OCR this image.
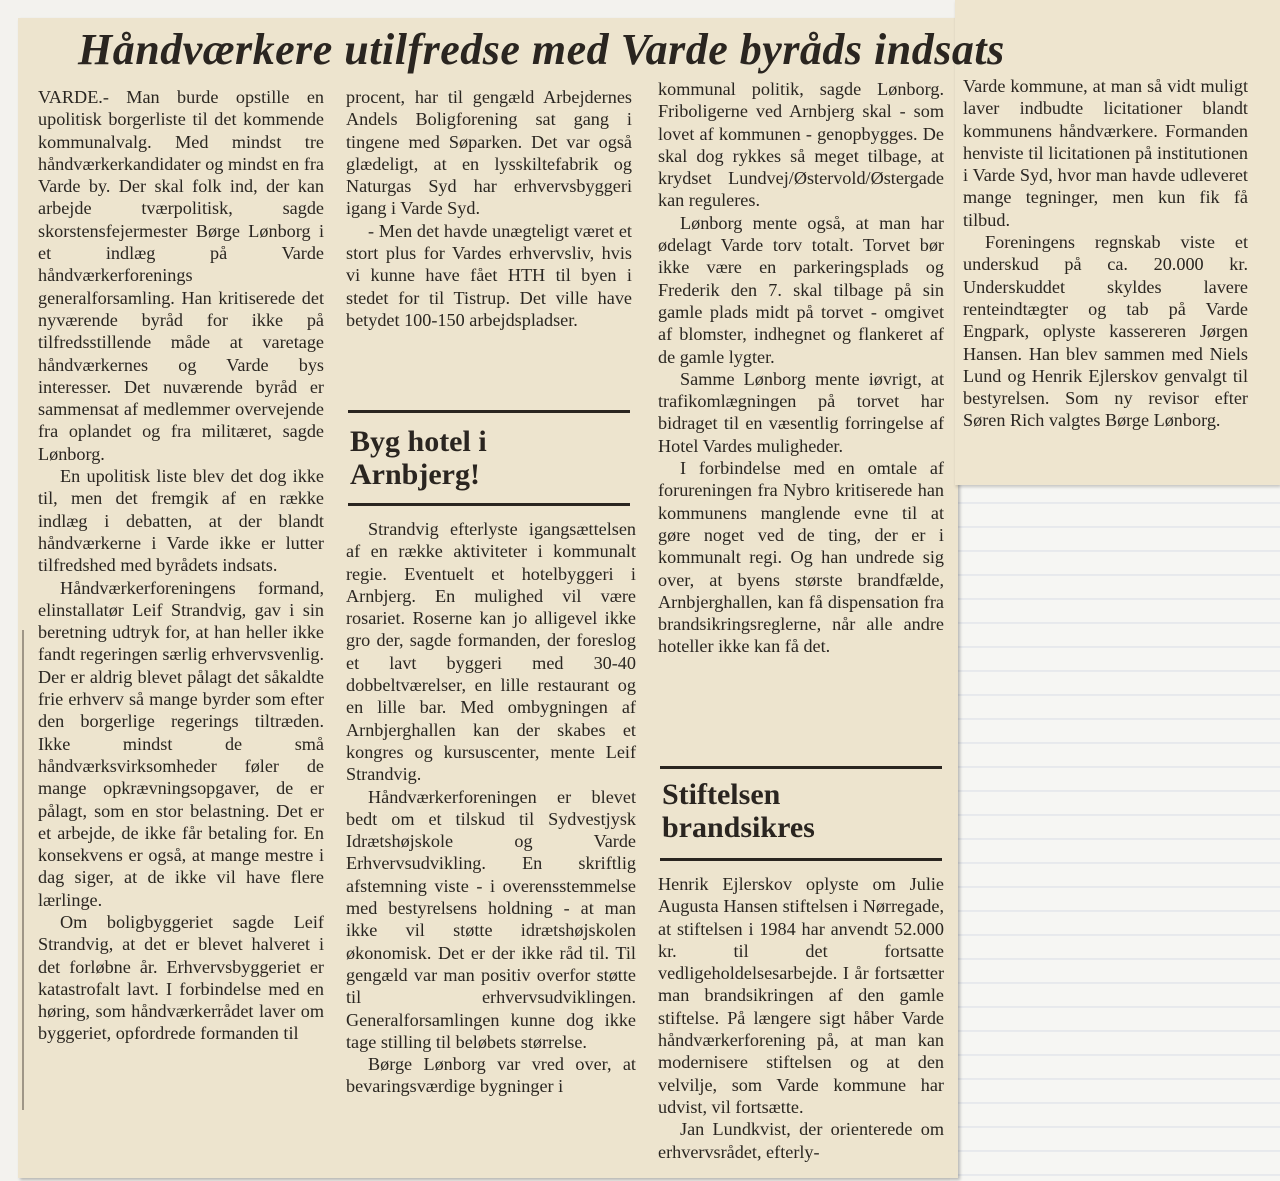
Håndværkere utilfredse med Varde byråds indsats

VARDE.- Man burde opstille en upolitisk borgerliste til det kommende kommunalvalg. Med mindst tre håndværkerkandidater og mindst en fra Varde by. Der skal folk ind, der kan arbejde tværpolitisk, sagde skorstensfejermester Børge Lønborg i et indlæg på Varde håndværkerforenings generalforsamling. Han kritiserede det nyværende byråd for ikke på tilfredsstillende måde at varetage håndværkernes og Varde bys interesser. Det nuværende byråd er sammensat af medlemmer overvejende fra oplandet og fra militæret, sagde Lønborg.

En upolitisk liste blev det dog ikke til, men det fremgik af en række indlæg i debatten, at der blandt håndværkerne i Varde ikke er lutter tilfredshed med byrådets indsats.

Håndværkerforeningens formand, elinstallatør Leif Strandvig, gav i sin beretning udtryk for, at han heller ikke fandt regeringen særlig erhvervsvenlig. Der er aldrig blevet pålagt det såkaldte frie erhverv så mange byrder som efter den borgerlige regerings tiltræden. Ikke mindst de små håndværksvirksomheder føler de mange opkrævningsopgaver, de er pålagt, som en stor belastning. Det er et arbejde, de ikke får betaling for. En konsekvens er også, at mange mestre i dag siger, at de ikke vil have flere lærlinge.

Om boligbyggeriet sagde Leif Strandvig, at det er blevet halveret i det forløbne år. Erhvervsbyggeriet er katastrofalt lavt. I forbindelse med en høring, som håndværkerrådet laver om byggeriet, opfordrede formanden til

procent, har til gengæld Arbejdernes Andels Boligforening sat gang i tingene med Søparken. Det var også glædeligt, at en lysskiltefabrik og Naturgas Syd har erhvervsbyggeri igang i Varde Syd.

- Men det havde unægteligt været et stort plus for Vardes erhvervsliv, hvis vi kunne have fået HTH til byen i stedet for til Tistrup. Det ville have betydet 100-150 arbejdspladser.

Byg hotel i Arnbjerg!

Strandvig efterlyste igangsættelsen af en række aktiviteter i kommunalt regie. Eventuelt et hotelbyggeri i Arnbjerg. En mulighed vil være rosariet. Roserne kan jo alligevel ikke gro der, sagde formanden, der foreslog et lavt byggeri med 30-40 dobbeltværelser, en lille restaurant og en lille bar. Med ombygningen af Arnbjerghallen kan der skabes et kongres og kursuscenter, mente Leif Strandvig.

Håndværkerforeningen er blevet bedt om et tilskud til Sydvestjysk Idrætshøjskole og Varde Erhvervsudvikling. En skriftlig afstemning viste - i overensstemmelse med bestyrelsens holdning - at man ikke vil støtte idrætshøjskolen økonomisk. Det er der ikke råd til. Til gengæld var man positiv overfor støtte til erhvervsudviklingen. Generalforsamlingen kunne dog ikke tage stilling til beløbets størrelse.

Børge Lønborg var vred over, at bevaringsværdige bygninger i

kommunal politik, sagde Lønborg. Friboligerne ved Arnbjerg skal - som lovet af kommunen - genopbygges. De skal dog rykkes så meget tilbage, at krydset Lundvej/Østervold/Østergade kan reguleres.

Lønborg mente også, at man har ødelagt Varde torv totalt. Torvet bør ikke være en parkeringsplads og Frederik den 7. skal tilbage på sin gamle plads midt på torvet - omgivet af blomster, indhegnet og flankeret af de gamle lygter.

Samme Lønborg mente iøvrigt, at trafikomlægningen på torvet har bidraget til en væsentlig forringelse af Hotel Vardes muligheder.

I forbindelse med en omtale af forureningen fra Nybro kritiserede han kommunens manglende evne til at gøre noget ved de ting, der er i kommunalt regi. Og han undrede sig over, at byens største brandfælde, Arnbjerghallen, kan få dispensation fra brandsikringsreglerne, når alle andre hoteller ikke kan få det.

Stiftelsen brandsikres

Henrik Ejlerskov oplyste om Julie Augusta Hansen stiftelsen i Nørregade, at stiftelsen i 1984 har anvendt 52.000 kr. til det fortsatte vedligeholdelsesarbejde. I år fortsætter man brandsikringen af den gamle stiftelse. På længere sigt håber Varde håndværkerforening på, at man kan modernisere stiftelsen og at den velvilje, som Varde kommune har udvist, vil fortsætte.

Jan Lundkvist, der orienterede om erhvervsrådet, efterly-

Varde kommune, at man så vidt muligt laver indbudte licitationer blandt kommunens håndværkere. Formanden henviste til licitationen på institutionen i Varde Syd, hvor man havde udleveret mange tegninger, men kun fik få tilbud.

Foreningens regnskab viste et underskud på ca. 20.000 kr. Underskuddet skyldes lavere renteindtægter og tab på Varde Engpark, oplyste kassereren Jørgen Hansen. Han blev sammen med Niels Lund og Henrik Ejlerskov genvalgt til bestyrelsen. Som ny revisor efter Søren Rich valgtes Børge Lønborg.
